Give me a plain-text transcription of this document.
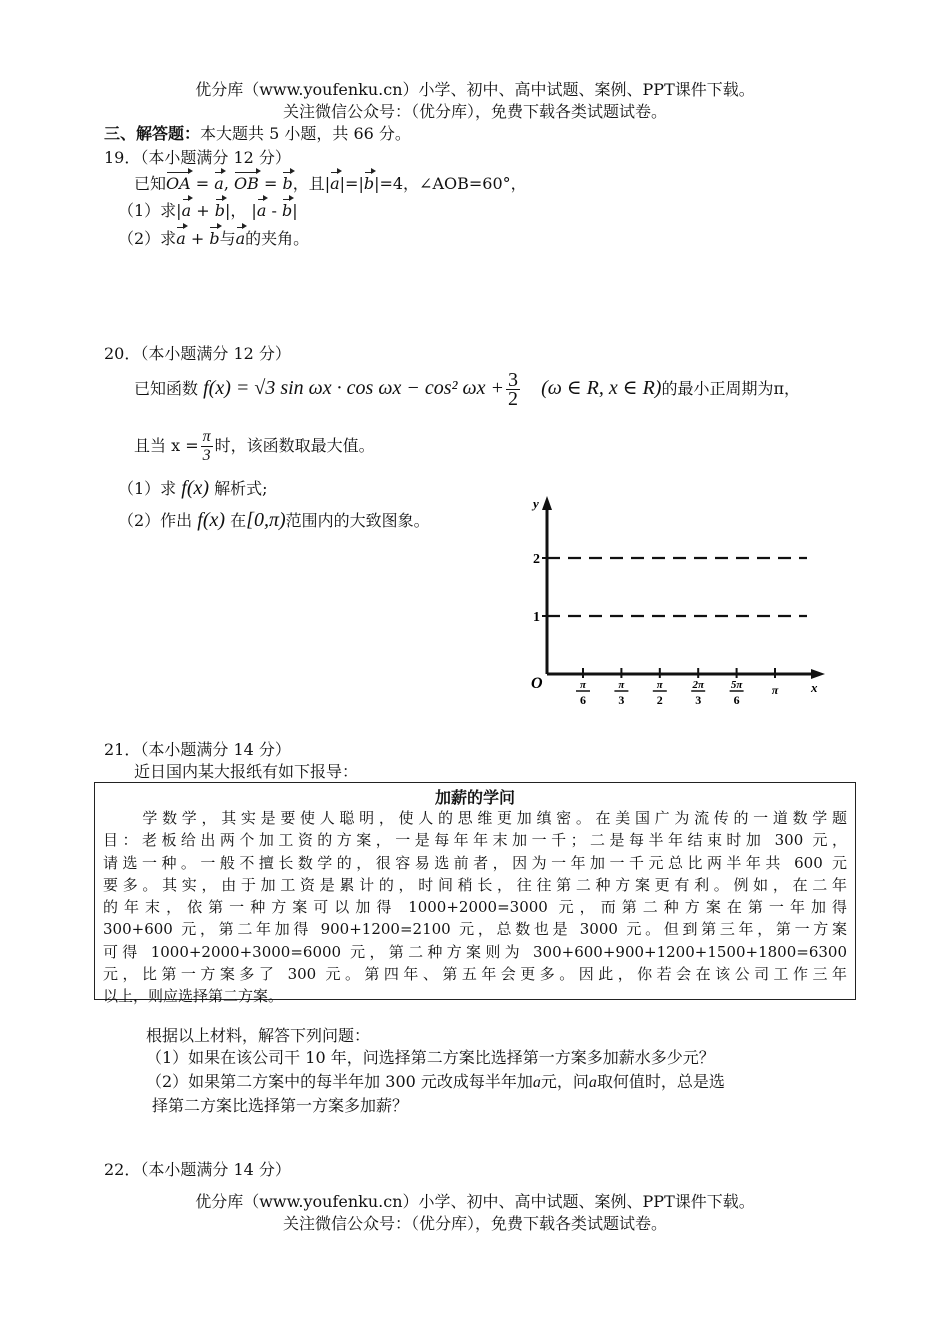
优分库（www.youfenku.cn）小学、初中、高中试题、案例、PPT课件下载。
关注微信公众号：（优分库），免费下载各类试题试卷。
三、解答题：本大题共 5 小题，共 66 分。
19．（本小题满分 12 分）
已知OA = a, OB = b，且|a|=|b|=4，∠AOB=60°，
（1）求|a + b|， |a - b|
（2）求a + b与a的夹角。
20．（本小题满分 12 分）
已知函数 f(x) = √3 sin ωx · cos ωx − cos² $\omega x + \frac{3}{2} (\omega$ ∈ R, x ∈ R)的最小正周期为π，
且当 $x = \frac{\pi}{3}$ 时，该函数取最大值。
（1）求 f(x) 解析式;
（2）作出 f(x) 在[0,π)范围内的大致图象。
y
x
O
1
2
π
6
π
3
π
2
2π
3
5π
6
π
21．（本小题满分 14 分）
近日国内某大报纸有如下报导：
加薪的学问
　　学数学，其实是要使人聪明，使人的思维更加缜密。在美国广为流传的一道数学题
目：老板给出两个加工资的方案，一是每年年末加一千；二是每半年结束时加 300 元，
请选一种。一般不擅长数学的，很容易选前者，因为一年加一千元总比两半年共 600 元
要多。其实，由于加工资是累计的，时间稍长，往往第二种方案更有利。例如，在二年
的年末，依第一种方案可以加得 1000+2000=3000 元，而第二种方案在第一年加得
300+600 元，第二年加得 900+1200=2100 元，总数也是 3000 元。但到第三年，第一方案
可得 1000+2000+3000=6000 元，第二种方案则为 300+600+900+1200+1500+1800=6300
元，比第一方案多了 300 元。第四年、第五年会更多。因此，你若会在该公司工作三年
以上，则应选择第二方案。
根据以上材料，解答下列问题：
（1）如果在该公司干 10 年，问选择第二方案比选择第一方案多加薪水多少元？
（2）如果第二方案中的每半年加 300 元改成每半年加a元，问a取何值时，总是选
择第二方案比选择第一方案多加薪？
22．（本小题满分 14 分）
优分库（www.youfenku.cn）小学、初中、高中试题、案例、PPT课件下载。
关注微信公众号：（优分库），免费下载各类试题试卷。
